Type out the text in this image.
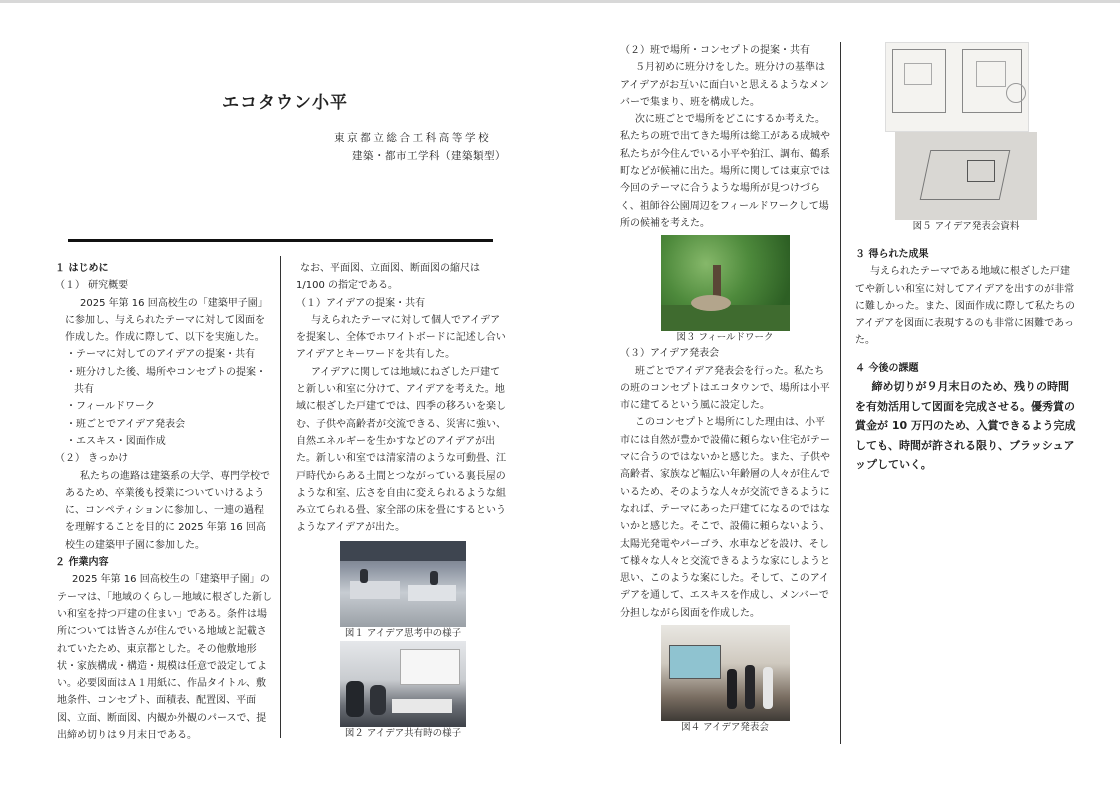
エコタウン小平
東京都立総合工科高等学校
建築・都市工学科（建築類型）

１ はじめに

（１） 研究概要

2025 年第 16 回高校生の「建築甲子園」に参加し、与えられたテーマに対して図面を作成した。作成に際して、以下を実施した。

・テーマに対してのアイデアの提案・共有

・班分けした後、場所やコンセプトの提案・共有

・フィールドワーク

・班ごとでアイデア発表会

・エスキス・図面作成

（２） きっかけ

私たちの進路は建築系の大学、専門学校であるため、卒業後も授業についていけるように、コンペティションに参加し、一連の過程を理解することを目的に 2025 年第 16 回高校生の建築甲子園に参加した。

２ 作業内容

2025 年第 16 回高校生の「建築甲子園」のテーマは、「地域のくらし－地域に根ざした新しい和室を持つ戸建の住まい」である。条件は場所については皆さんが住んでいる地域と記載されていたため、東京都とした。その他敷地形状・家族構成・構造・規模は任意で設定してよい。必要図面はＡ１用紙に、作品タイトル、敷地条件、コンセプト、面積表、配置図、平面図、立面、断面図、内観か外観のパースで、提出締め切りは９月末日である。

なお、平面図、立面図、断面図の縮尺は 1/100 の指定である。

（１）アイデアの提案・共有

与えられたテーマに対して個人でアイデアを提案し、全体でホワイトボードに記述し合いアイデアとキーワードを共有した。

アイデアに関しては地域にねざした戸建てと新しい和室に分けて、アイデアを考えた。地域に根ざした戸建てでは、四季の移ろいを楽しむ、子供や高齢者が交流できる、災害に強い、自然エネルギーを生かすなどのアイデアが出た。新しい和室では清家清のような可動畳、江戸時代からある土間とつながっている裏長屋のような和室、広さを自由に変えられるような組み立てられる畳、家全部の床を畳にするというようなアイデアが出た。

図１ アイデア思考中の様子

図２ アイデア共有時の様子

（２）班で場所・コンセプトの提案・共有

５月初めに班分けをした。班分けの基準はアイデアがお互いに面白いと思えるようなメンバーで集まり、班を構成した。

次に班ごとで場所をどこにするか考えた。私たちの班で出てきた場所は総工がある成城や私たちが今住んでいる小平や狛江、調布、鶴系町などが候補に出た。場所に関しては東京では今回のテーマに合うような場所が見つけづらく、祖師谷公園周辺をフィールドワークして場所の候補を考えた。

図３ フィールドワーク

（３）アイデア発表会

班ごとでアイデア発表会を行った。私たちの班のコンセプトはエコタウンで、場所は小平市に建てるという風に設定した。

このコンセプトと場所にした理由は、小平市には自然が豊かで設備に頼らない住宅がテーマに合うのではないかと感じた。また、子供や高齢者、家族など幅広い年齢層の人々が住んでいるため、そのような人々が交流できるようになれば、テーマにあった戸建てになるのではないかと感じた。そこで、設備に頼らないよう、太陽光発電やパーゴラ、水車などを設け、そして様々な人々と交流できるような家にしようと思い、このような案にした。そして、このアイデアを通して、エスキスを作成し、メンバーで分担しながら図面を作成した。

図４ アイデア発表会

図５ アイデア発表会資料

３ 得られた成果

与えられたテーマである地域に根ざした戸建てや新しい和室に対してアイデアを出すのが非常に難しかった。また、図面作成に際して私たちのアイデアを図面に表現するのも非常に困難であった。

４ 今後の課題

締め切りが９月末日のため、残りの時間を有効活用して図面を完成させる。優秀賞の賞金が 10 万円のため、入賞できるよう完成しても、時間が許される限り、ブラッシュアップしていく。
